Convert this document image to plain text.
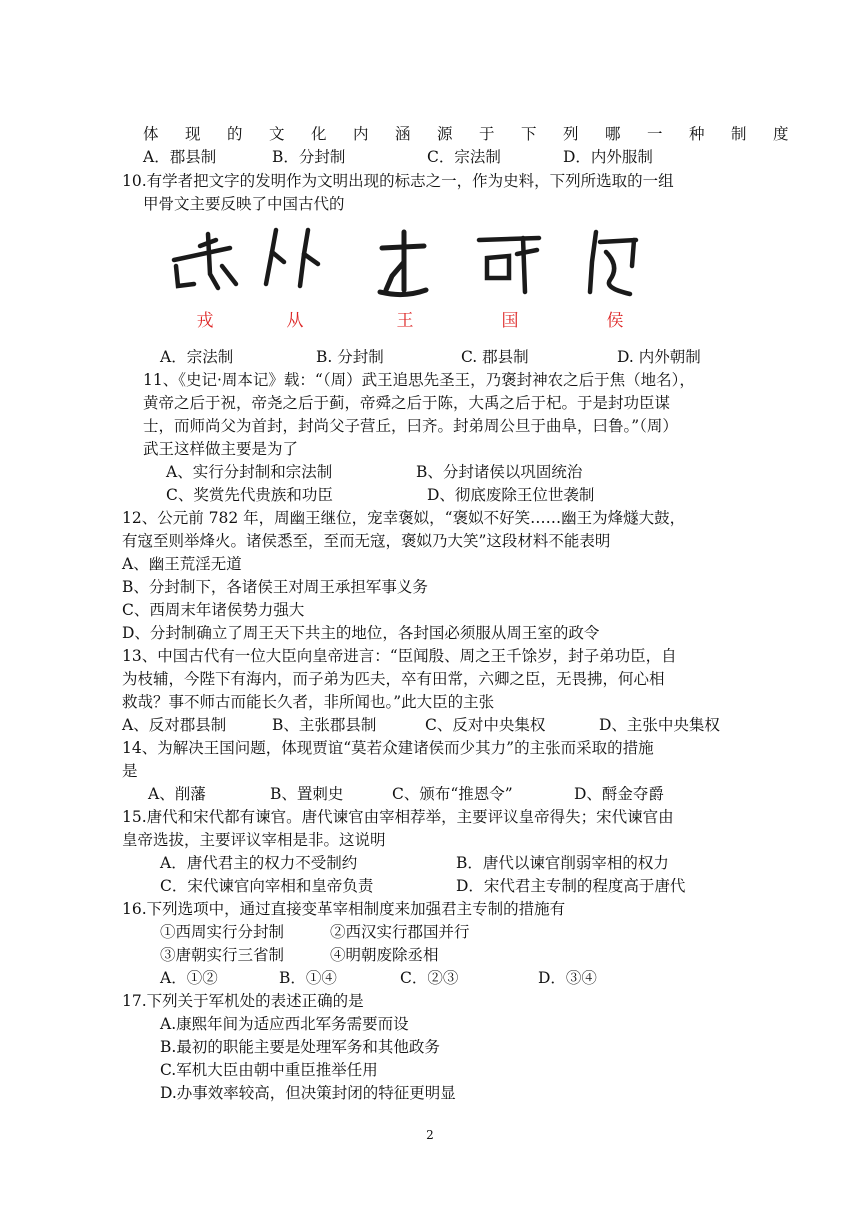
体现的文化内涵源于下列哪一种制度
A．郡县制	B．分封制	C．宗法制	D．内外服制
10.有学者把文字的发明作为文明出现的标志之一，作为史料，下列所选取的一组
甲骨文主要反映了中国古代的
戎	从	王	国	侯
A．宗法制	B. 分封制	C. 郡县制	D. 内外朝制
11、《史记·周本记》载：“（周）武王追思先圣王，乃褒封神农之后于焦（地名），
黄帝之后于祝，帝尧之后于蓟，帝舜之后于陈，大禹之后于杞。于是封功臣谋
士，而师尚父为首封，封尚父子营丘，曰齐。封弟周公旦于曲阜，曰鲁。”（周）
武王这样做主要是为了
A、实行分封制和宗法制	B、分封诸侯以巩固统治
C、奖赏先代贵族和功臣	D、彻底废除王位世袭制
12、公元前 782 年，周幽王继位，宠幸褒姒，“褒姒不好笑……幽王为烽燧大鼓，
有寇至则举烽火。诸侯悉至，至而无寇，褒姒乃大笑”这段材料不能表明
A、幽王荒淫无道
B、分封制下，各诸侯王对周王承担军事义务
C、西周末年诸侯势力强大
D、分封制确立了周王天下共主的地位，各封国必须服从周王室的政令
13、中国古代有一位大臣向皇帝进言：“臣闻殷、周之王千馀岁，封子弟功臣，自
为枝辅，今陛下有海内，而子弟为匹夫，卒有田常，六卿之臣，无畏拂，何心相
救哉？事不师古而能长久者，非所闻也。”此大臣的主张
A、反对郡县制	B、主张郡县制	C、反对中央集权	D、主张中央集权
14、为解决王国问题，体现贾谊“莫若众建诸侯而少其力”的主张而采取的措施
是
A、削藩	B、置刺史	C、颁布“推恩令”	D、酹金夺爵
15.唐代和宋代都有谏官。唐代谏官由宰相荐举，主要评议皇帝得失；宋代谏官由
皇帝选拔，主要评议宰相是非。这说明
A．唐代君主的权力不受制约	B．唐代以谏官削弱宰相的权力
C．宋代谏官向宰相和皇帝负责	D．宋代君主专制的程度高于唐代
16.下列选项中，通过直接变革宰相制度来加强君主专制的措施有
①西周实行分封制	②西汉实行郡国并行
③唐朝实行三省制	④明朝废除丞相
A．①②	B．①④	C．②③	D．③④
17.下列关于军机处的表述正确的是
A.康熙年间为适应西北军务需要而设
B.最初的职能主要是处理军务和其他政务
C.军机大臣由朝中重臣推举任用
D.办事效率较高，但决策封闭的特征更明显
2
